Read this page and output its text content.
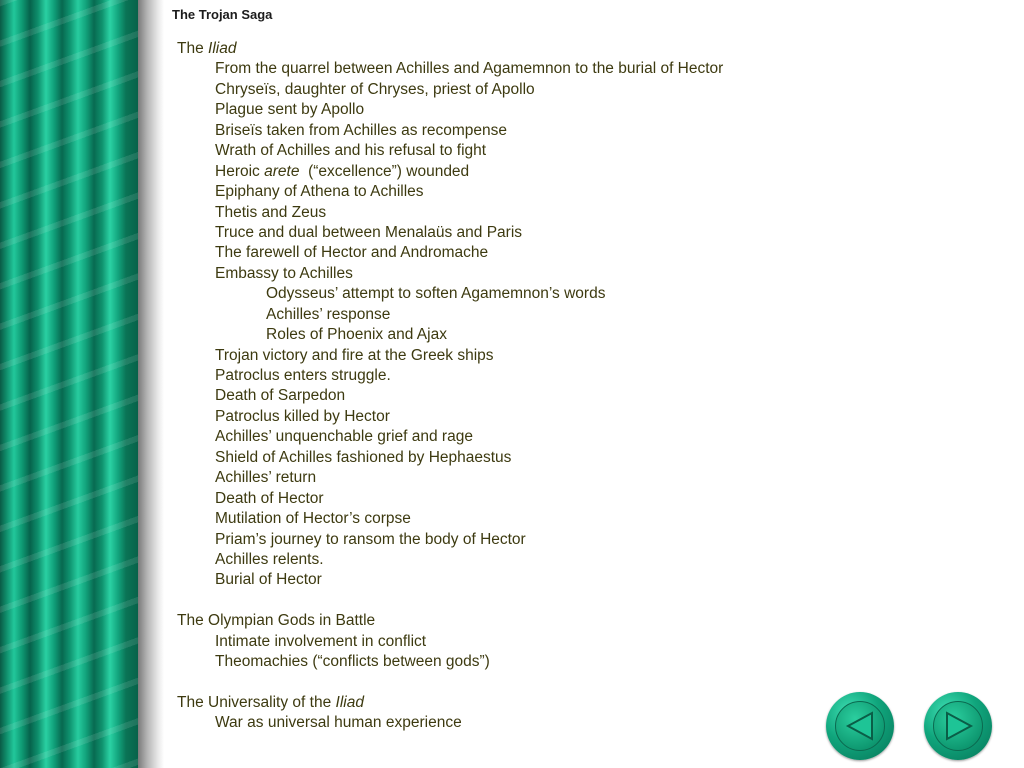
The Trojan Saga
The Iliad
From the quarrel between Achilles and Agamemnon to the burial of Hector
Chryseïs, daughter of Chryses, priest of Apollo
Plague sent by Apollo
Briseïs taken from Achilles as recompense
Wrath of Achilles and his refusal to fight
Heroic arete  (“excellence”) wounded
Epiphany of Athena to Achilles
Thetis and Zeus
Truce and dual between Menalaüs and Paris
The farewell of Hector and Andromache
Embassy to Achilles
Odysseus’ attempt to soften Agamemnon’s words
Achilles’ response
Roles of Phoenix and Ajax
Trojan victory and fire at the Greek ships
Patroclus enters struggle.
Death of Sarpedon
Patroclus killed by Hector
Achilles’ unquenchable grief and rage
Shield of Achilles fashioned by Hephaestus
Achilles’ return
Death of Hector
Mutilation of Hector’s corpse
Priam’s journey to ransom the body of Hector
Achilles relents.
Burial of Hector
The Olympian Gods in Battle
Intimate involvement in conflict
Theomachies (“conflicts between gods”)
The Universality of the Iliad
War as universal human experience
